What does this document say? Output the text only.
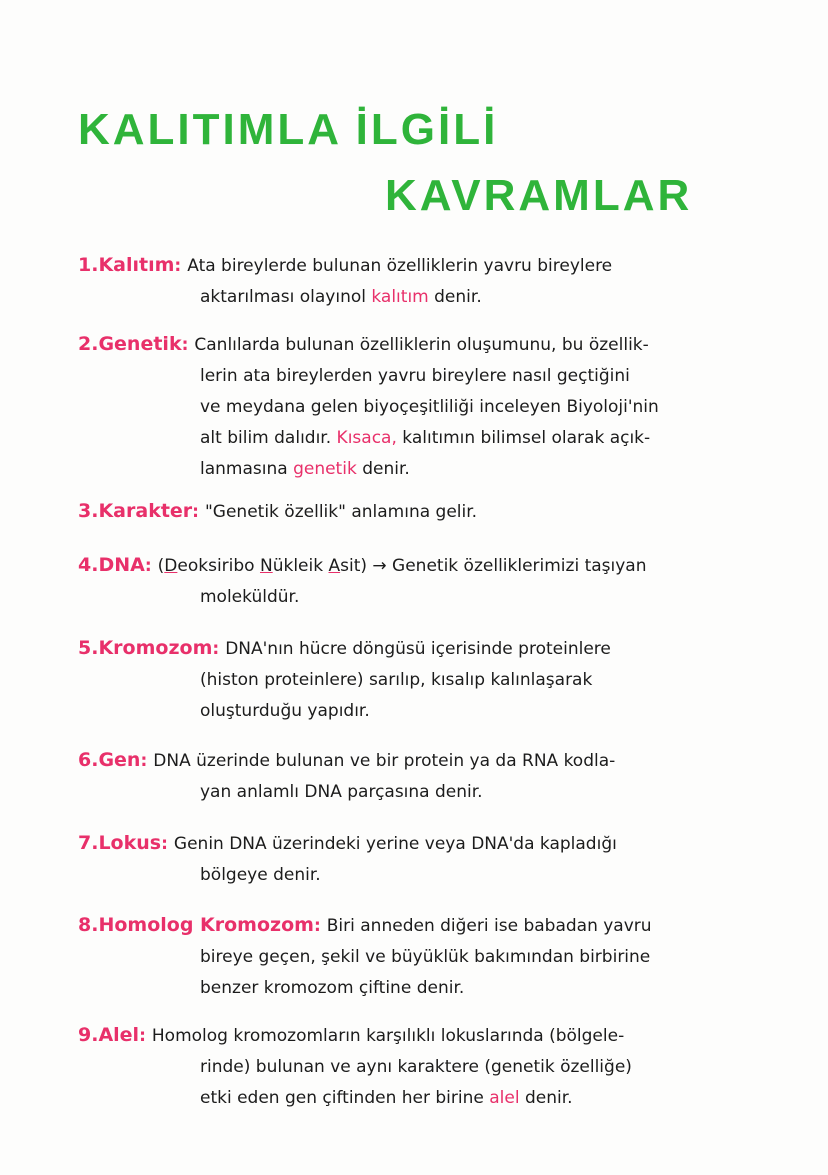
KALITIMLA İLGİLİ
KAVRAMLAR
1.Kalıtım: Ata bireylerde bulunan özelliklerin yavru bireylere
aktarılması olayınol kalıtım denir.
2.Genetik: Canlılarda bulunan özelliklerin oluşumunu, bu özellik-
lerin ata bireylerden yavru bireylere nasıl geçtiğini
ve meydana gelen biyoçeşitliliği inceleyen Biyoloji'nin
alt bilim dalıdır. Kısaca, kalıtımın bilimsel olarak açık-
lanmasına genetik denir.
3.Karakter: "Genetik özellik" anlamına gelir.
4.DNA: (Deoksiribo Nükleik Asit) → Genetik özelliklerimizi taşıyan
moleküldür.
5.Kromozom: DNA'nın hücre döngüsü içerisinde proteinlere
(histon proteinlere) sarılıp, kısalıp kalınlaşarak
oluşturduğu yapıdır.
6.Gen: DNA üzerinde bulunan ve bir protein ya da RNA kodla-
yan anlamlı DNA parçasına denir.
7.Lokus: Genin DNA üzerindeki yerine veya DNA'da kapladığı
bölgeye denir.
8.Homolog Kromozom: Biri anneden diğeri ise babadan yavru
bireye geçen, şekil ve büyüklük bakımından birbirine
benzer kromozom çiftine denir.
9.Alel: Homolog kromozomların karşılıklı lokuslarında (bölgele-
rinde) bulunan ve aynı karaktere (genetik özelliğe)
etki eden gen çiftinden her birine alel denir.
